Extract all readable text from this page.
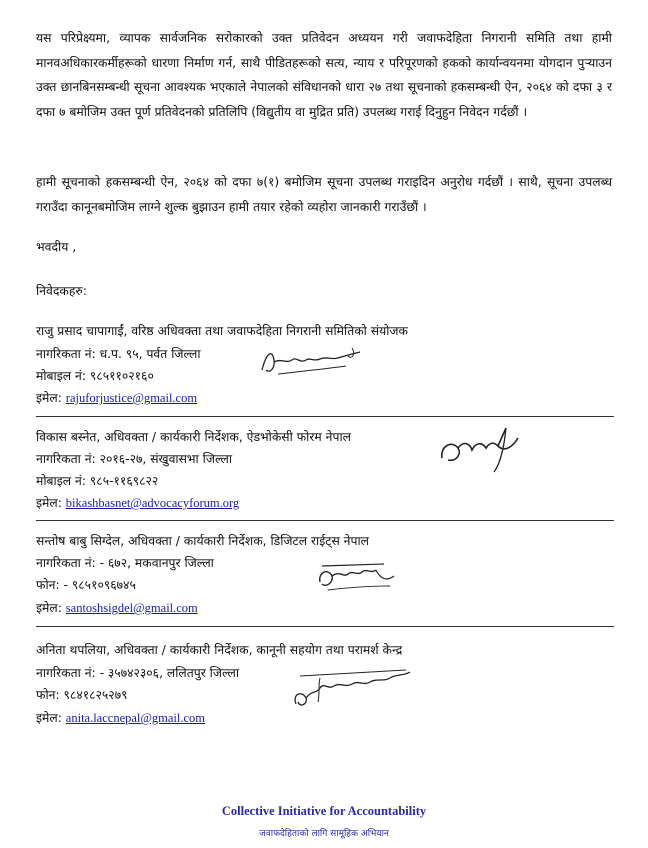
यस परिप्रेक्ष्यमा, व्यापक सार्वजनिक सरोकारको उक्त प्रतिवेदन अध्ययन गरी जवाफदेहिता निगरानी समिति तथा हामी मानवअधिकारकर्मीहरूको धारणा निर्माण गर्न, साथै पीडितहरूको सत्य, न्याय र परिपूरणको हकको कार्यान्वयनमा योगदान पुऱ्याउन उक्त छानबिनसम्बन्धी सूचना आवश्यक भएकाले नेपालको संविधानको धारा २७ तथा सूचनाको हकसम्बन्धी ऐन, २०६४ को दफा ३ र दफा ७ बमोजिम उक्त पूर्ण प्रतिवेदनको प्रतिलिपि (विद्युतीय वा मुद्रित प्रति) उपलब्ध गराई दिनुहुन निवेदन गर्दछौं ।

हामी सूचनाको हकसम्बन्धी ऐन, २०६४ को दफा ७(१) बमोजिम सूचना उपलब्ध गराइदिन अनुरोध गर्दछौं । साथै, सूचना उपलब्ध गराउँदा कानूनबमोजिम लाग्ने शुल्क बुझाउन हामी तयार रहेको व्यहोरा जानकारी गराउँछौं ।

भवदीय ,
निवेदकहरु:
राजु प्रसाद चापागाईं, वरिष्ठ अधिवक्ता तथा जवाफदेहिता निगरानी समितिको संयोजक
नागरिकता नं: ध.प. ९५, पर्वत जिल्ला
मोबाइल नं: ९८५११०२१६०
इमेल: rajuforjustice@gmail.com
विकास बस्नेत, अधिवक्ता / कार्यकारी निर्देशक, ऐडभोकेसी फोरम नेपाल
नागरिकता नं: २०१६-२७, संखुवासभा जिल्ला
मोबाइल नं: ९८५-११६९८२२
इमेल: bikashbasnet@advocacyforum.org
सन्तोष बाबु सिग्देल, अधिवक्ता / कार्यकारी निर्देशक, डिजिटल राईट्स नेपाल
नागरिकता नं: - ६७२, मकवानपुर जिल्ला
फोन: - ९८५१०९६७४५
इमेल: santoshsigdel@gmail.com
अनिता थपलिया, अधिवक्ता / कार्यकारी निर्देशक, कानूनी सहयोग तथा परामर्श केन्द्र
नागरिकता नं: - ३५७४२३०६, ललितपुर जिल्ला
फोन: ९८४१८२५२७९
इमेल: anita.laccnepal@gmail.com
Collective Initiative for Accountability
जवाफदेहिताको लागि सामूहिक अभियान
